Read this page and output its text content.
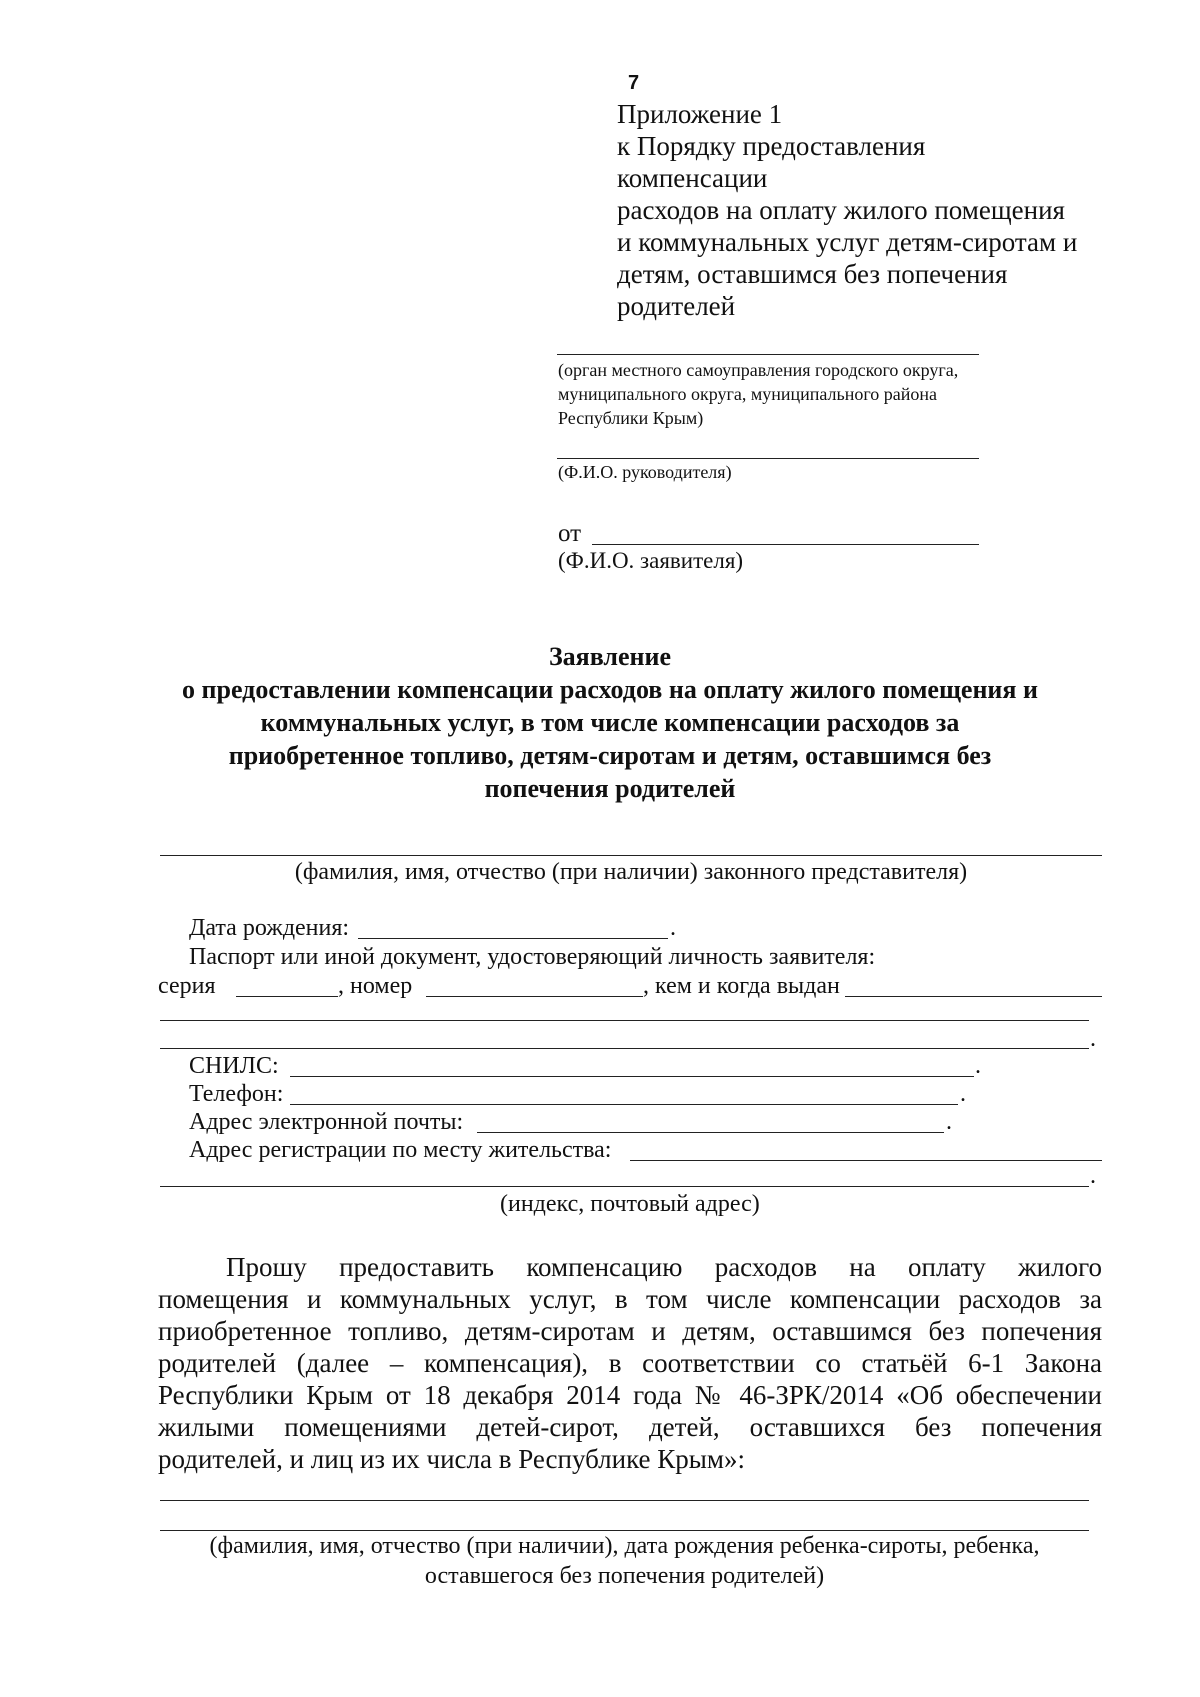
7
Приложение 1
к Порядку предоставления
компенсации
расходов на оплату жилого помещения
и коммунальных услуг детям-сиротам и
детям, оставшимся без попечения
родителей
(орган местного самоуправления городского округа,
муниципального округа, муниципального района
Республики Крым)
(Ф.И.О. руководителя)
от
(Ф.И.О. заявителя)
Заявление
о предоставлении компенсации расходов на оплату жилого помещения и
коммунальных услуг, в том числе компенсации расходов за
приобретенное топливо, детям-сиротам и детям, оставшимся без
попечения родителей
(фамилия, имя, отчество (при наличии) законного представителя)
Дата рождения:	.
Паспорт или иной документ, удостоверяющий личность заявителя:
серия	, номер	, кем и когда выдан
.
СНИЛС:	.
Телефон:	.
Адрес электронной почты:	.
Адрес регистрации по месту жительства:
.
(индекс, почтовый адрес)
Прошу предоставить компенсацию расходов на оплату жилого
помещения и коммунальных услуг, в том числе компенсации расходов за
приобретенное топливо, детям-сиротам и детям, оставшимся без попечения
родителей (далее – компенсация), в соответствии со статьёй 6-1 Закона
Республики Крым от 18 декабря 2014 года № 46-ЗРК/2014 «Об обеспечении
жилыми помещениями детей-сирот, детей, оставшихся без попечения
родителей, и лиц из их числа в Республике Крым»:
(фамилия, имя, отчество (при наличии), дата рождения ребенка-сироты, ребенка,
оставшегося без попечения родителей)
